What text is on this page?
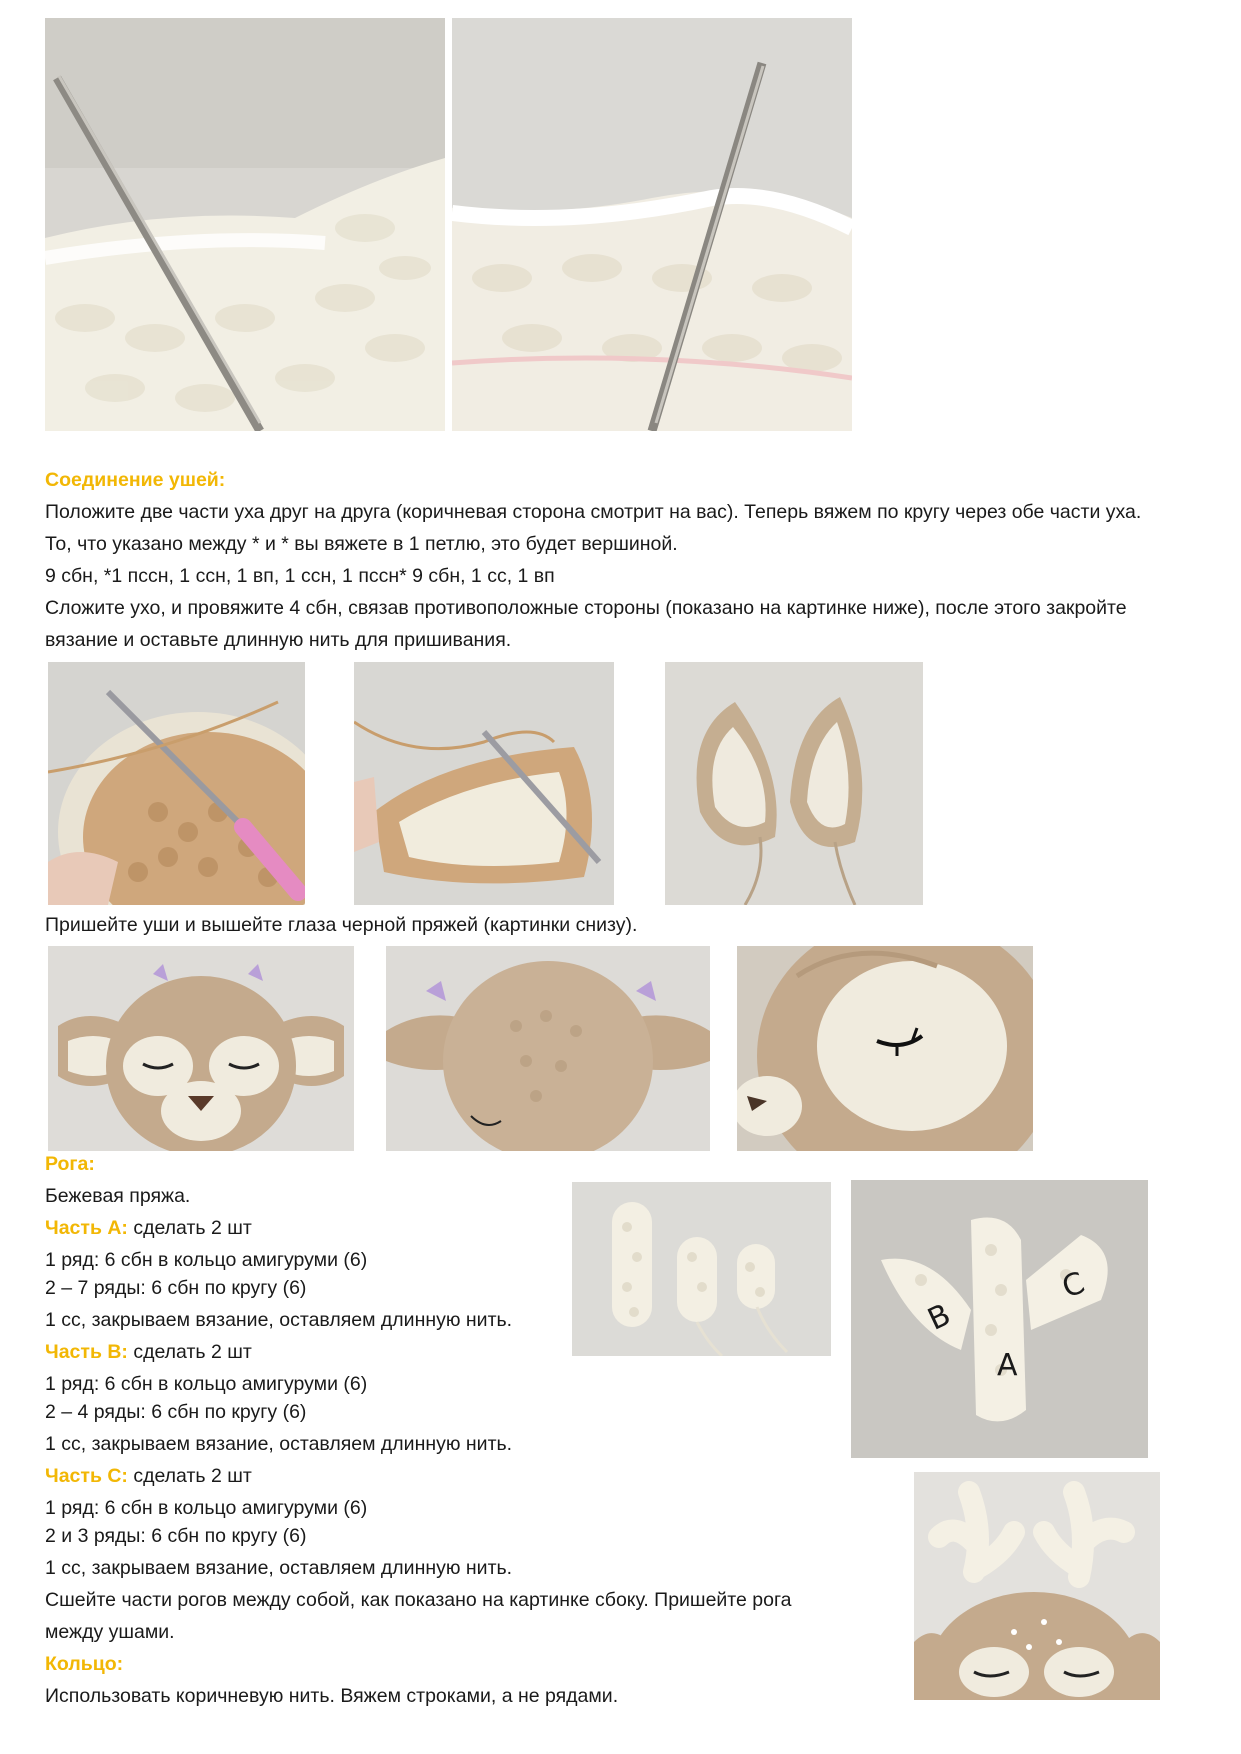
Соединение ушей:
Положите две части уха друг на друга (коричневая сторона смотрит на вас). Теперь вяжем по кругу через обе части уха.
То, что указано между * и * вы вяжете в 1 петлю, это будет вершиной.
9 сбн, *1 пссн, 1 ссн, 1 вп, 1 ссн, 1 пссн* 9 сбн, 1 сс, 1 вп
Сложите ухо, и провяжите 4 сбн, связав противоположные стороны (показано на картинке ниже), после этого закройте
вязание и оставьте длинную нить для пришивания.
Пришейте уши и вышейте глаза черной пряжей (картинки снизу).
Рога:
Бежевая пряжа.
Часть А: сделать 2 шт
1 ряд: 6 сбн в кольцо амигуруми (6)
2 – 7 ряды: 6 сбн по кругу (6)
1 сс, закрываем вязание, оставляем длинную нить.
Часть В: сделать 2 шт
1 ряд: 6 сбн в кольцо амигуруми (6)
2 – 4 ряды: 6 сбн по кругу (6)
1 сс, закрываем вязание, оставляем длинную нить.
Часть С: сделать 2 шт
1 ряд: 6 сбн в кольцо амигуруми (6)
2 и 3 ряды: 6 сбн по кругу (6)
1 сс, закрываем вязание, оставляем длинную нить.
Сшейте части рогов между собой, как показано на картинке сбоку. Пришейте рога
между ушами.
Кольцо:
Использовать коричневую нить. Вяжем строками, а не рядами.
B
A
C
